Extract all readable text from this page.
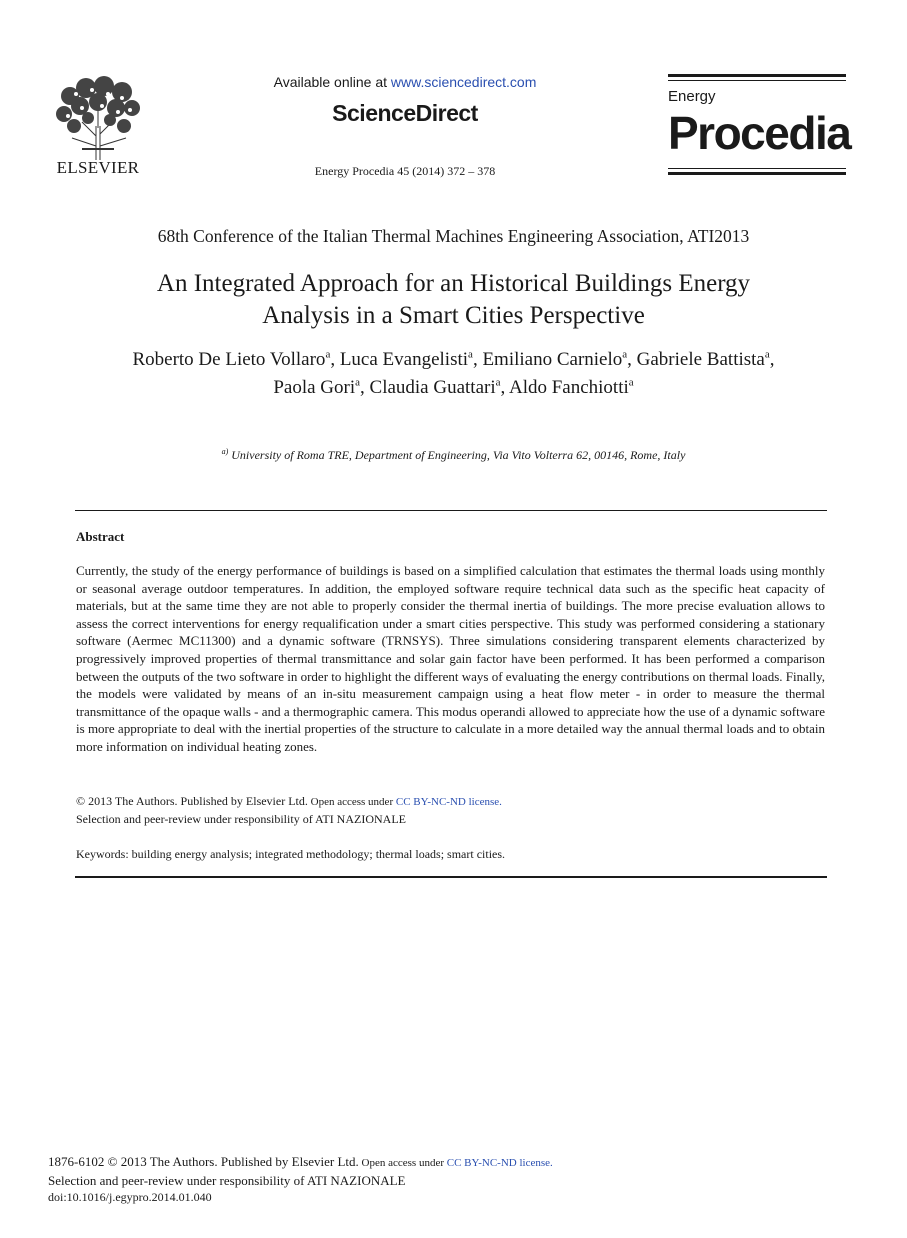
ELSEVIER
Available online at www.sciencedirect.com
ScienceDirect
Energy Procedia 45 (2014) 372 – 378
Energy
Procedia
68th Conference of the Italian Thermal Machines Engineering Association, ATI2013
An Integrated Approach for an Historical Buildings Energy
Analysis in a Smart Cities Perspective
Roberto De Lieto Vollaro$^a$, Luca Evangelisti$^a$, Emiliano Carnielo$^a$, Gabriele Battista$^a$,
Paola Gori$^a$, Claudia Guattari$^a$, Aldo Fanchiotti$^a$
$^{a)}$ University of Roma TRE, Department of Engineering, Via Vito Volterra 62, 00146, Rome, Italy
Abstract
Currently, the study of the energy performance of buildings is based on a simplified calculation that estimates the thermal loads using monthly or seasonal average outdoor temperatures. In addition, the employed software require technical data such as the specific heat capacity of materials, but at the same time they are not able to properly consider the thermal inertia of buildings. The more precise evaluation allows to assess the correct interventions for energy requalification under a smart cities perspective. This study was performed considering a stationary software (Aermec MC11300) and a dynamic software (TRNSYS). Three simulations considering transparent elements characterized by progressively improved properties of thermal transmittance and solar gain factor have been performed. It has been performed a comparison between the outputs of the two software in order to highlight the different ways of evaluating the energy contributions on thermal loads. Finally, the models were validated by means of an in-situ measurement campaign using a heat flow meter - in order to measure the thermal transmittance of the opaque walls - and a thermographic camera. This modus operandi allowed to appreciate how the use of a dynamic software is more appropriate to deal with the inertial properties of the structure to calculate in a more detailed way the annual thermal loads and to obtain more information on individual heating zones.
© 2013 The Authors. Published by Elsevier Ltd. Open access under CC BY-NC-ND license.
Selection and peer-review under responsibility of ATI NAZIONALE
Keywords: building energy analysis; integrated methodology; thermal loads; smart cities.
1876-6102 © 2013 The Authors. Published by Elsevier Ltd. Open access under CC BY-NC-ND license.
Selection and peer-review under responsibility of ATI NAZIONALE
doi:10.1016/j.egypro.2014.01.040
